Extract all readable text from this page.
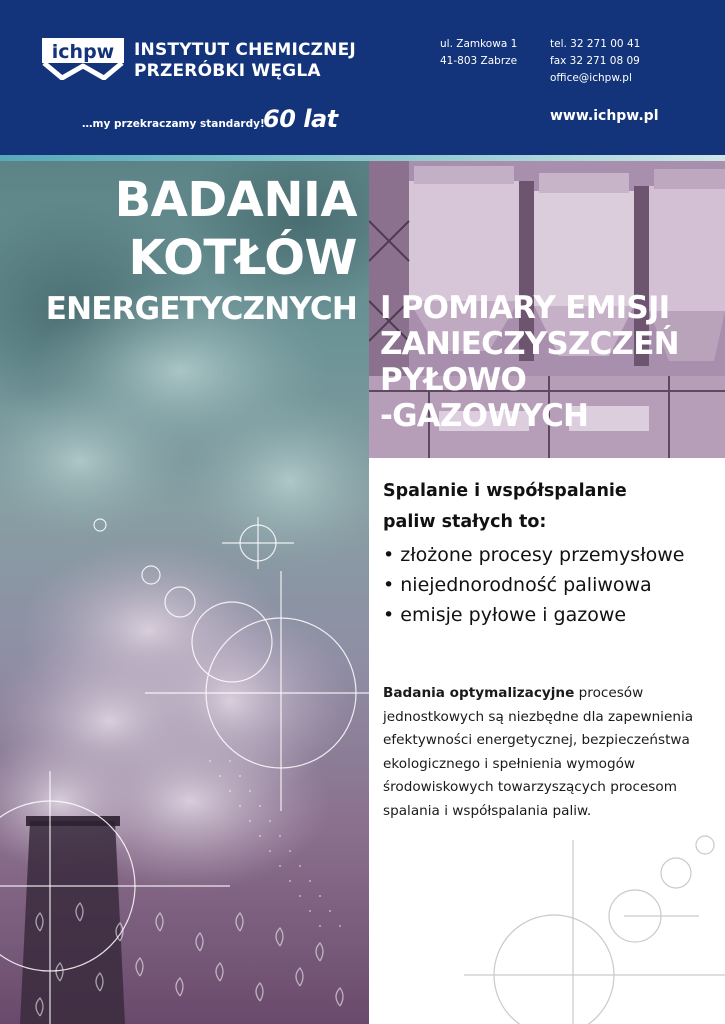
ichpw INSTYTUT CHEMICZNEJ
PRZERÓBKI WĘGLA
…my przekraczamy standardy!
60 lat
ul. Zamkowa 1
41-803 Zabrze
tel. 32 271 00 41
fax 32 271 08 09
office@ichpw.pl
www.ichpw.pl
BADANIA
KOTŁÓW
ENERGETYCZNYCH I POMIARY EMISJI
ZANIECZYSZCZEŃ
PYŁOWO
-GAZOWYCH
Spalanie i współspalanie
paliw stałych to:
• złożone procesy przemysłowe
• niejednorodność paliwowa
• emisje pyłowe i gazowe
Badania optymalizacyjne procesów jednostkowych są niezbędne dla zapewnienia efektywności energetycznej, bezpieczeństwa ekologicznego i spełnienia wymogów środowiskowych towarzyszących procesom spalania i współspalania paliw.
